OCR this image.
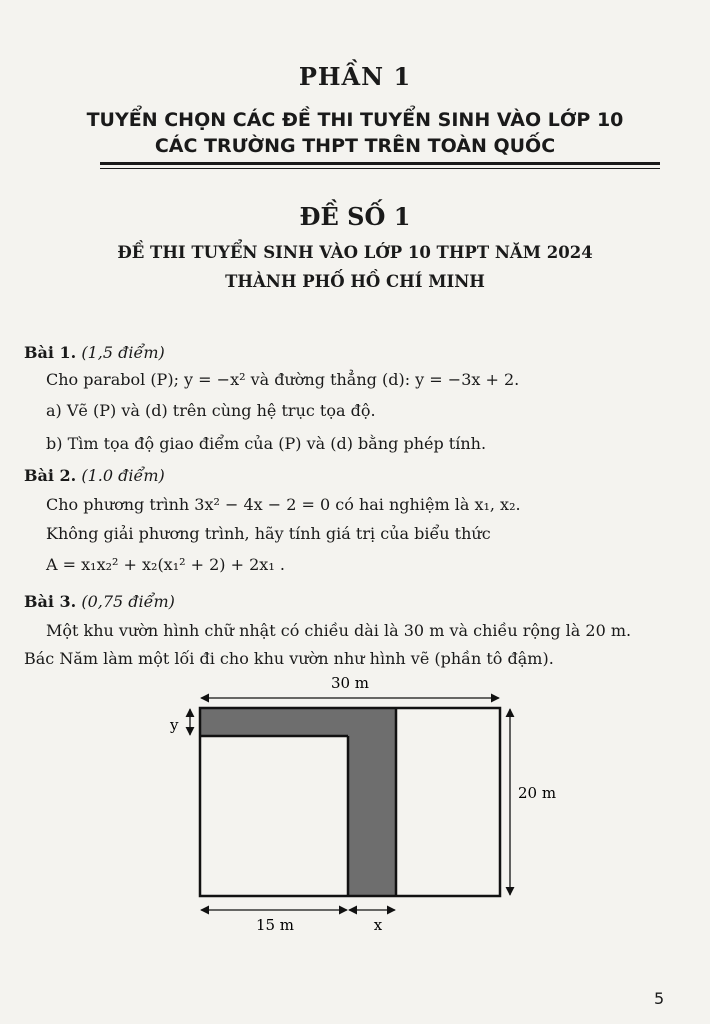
PHẦN 1
TUYỂN CHỌN CÁC ĐỀ THI TUYỂN SINH VÀO LỚP 10
CÁC TRƯỜNG THPT TRÊN TOÀN QUỐC
ĐỀ SỐ 1
ĐỀ THI TUYỂN SINH VÀO LỚP 10 THPT NĂM 2024
THÀNH PHỐ HỒ CHÍ MINH
Bài 1. (1,5 điểm)
Cho parabol (P); y = −x² và đường thẳng (d): y = −3x + 2.
a) Vẽ (P) và (d) trên cùng hệ trục tọa độ.
b) Tìm tọa độ giao điểm của (P) và (d) bằng phép tính.
Bài 2. (1.0 điểm)
Cho phương trình 3x² − 4x − 2 = 0 có hai nghiệm là x₁, x₂.
Không giải phương trình, hãy tính giá trị của biểu thức
A = x₁x₂² + x₂(x₁² + 2) + 2x₁ .
Bài 3. (0,75 điểm)
Một khu vườn hình chữ nhật có chiều dài là 30 m và chiều rộng là 20 m.
Bác Năm làm một lối đi cho khu vườn như hình vẽ (phần tô đậm).
30 m
20 m
y
15 m	x
5
